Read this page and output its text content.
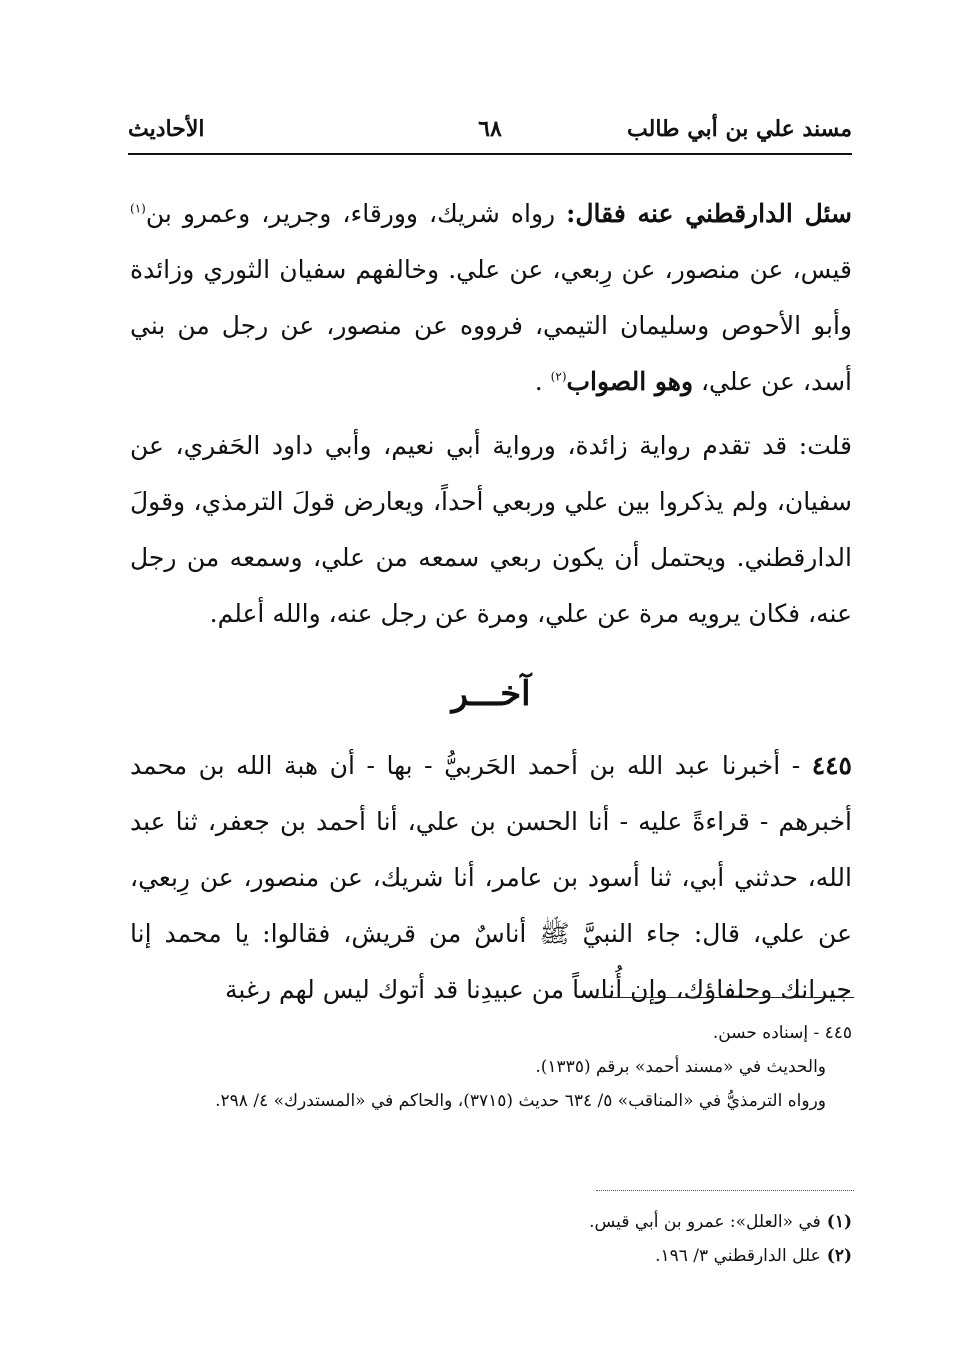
مسند علي بن أبي طالب
٦٨
الأحاديث

سئل الدارقطني عنه فقال: رواه شريك، وورقاء، وجرير، وعمرو بن$^{(١)}$ قيس، عن منصور، عن رِبعي، عن علي. وخالفهم سفيان الثوري وزائدة وأبو الأحوص وسليمان التيمي، فرووه عن منصور، عن رجل من بني أسد، عن علي، وهو الصواب$^{(٢)}$ .

قلت: قد تقدم رواية زائدة، ورواية أبي نعيم، وأبي داود الحَفري، عن سفيان، ولم يذكروا بين علي وربعي أحداً، ويعارض قولَ الترمذي، وقولَ الدارقطني. ويحتمل أن يكون ربعي سمعه من علي، وسمعه من رجل عنه، فكان يرويه مرة عن علي، ومرة عن رجل عنه، والله أعلم.

آخـــر

٤٤٥ - أخبرنا عبد الله بن أحمد الحَربيُّ - بها - أن هبة الله بن محمد أخبرهم - قراءةً عليه - أنا الحسن بن علي، أنا أحمد بن جعفر، ثنا عبد الله، حدثني أبي، ثنا أسود بن عامر، أنا شريك، عن منصور، عن رِبعي، عن علي، قال: جاء النبيَّ ﷺ أناسٌ من قريش، فقالوا: يا محمد إنا جيرانك وحلفاؤك، وإن أُناساً من عبيدِنا قد أتوك ليس لهم رغبة

٤٤٥ - إسناده حسن.

والحديث في «مسند أحمد» برقم (١٣٣٥).

ورواه الترمذيُّ في «المناقب» ٥/ ٦٣٤ حديث (٣٧١٥)، والحاكم في «المستدرك» ٤/ ٢٩٨.

(١)في «العلل»: عمرو بن أبي قيس.

(٢)علل الدارقطني ٣/ ١٩٦.
